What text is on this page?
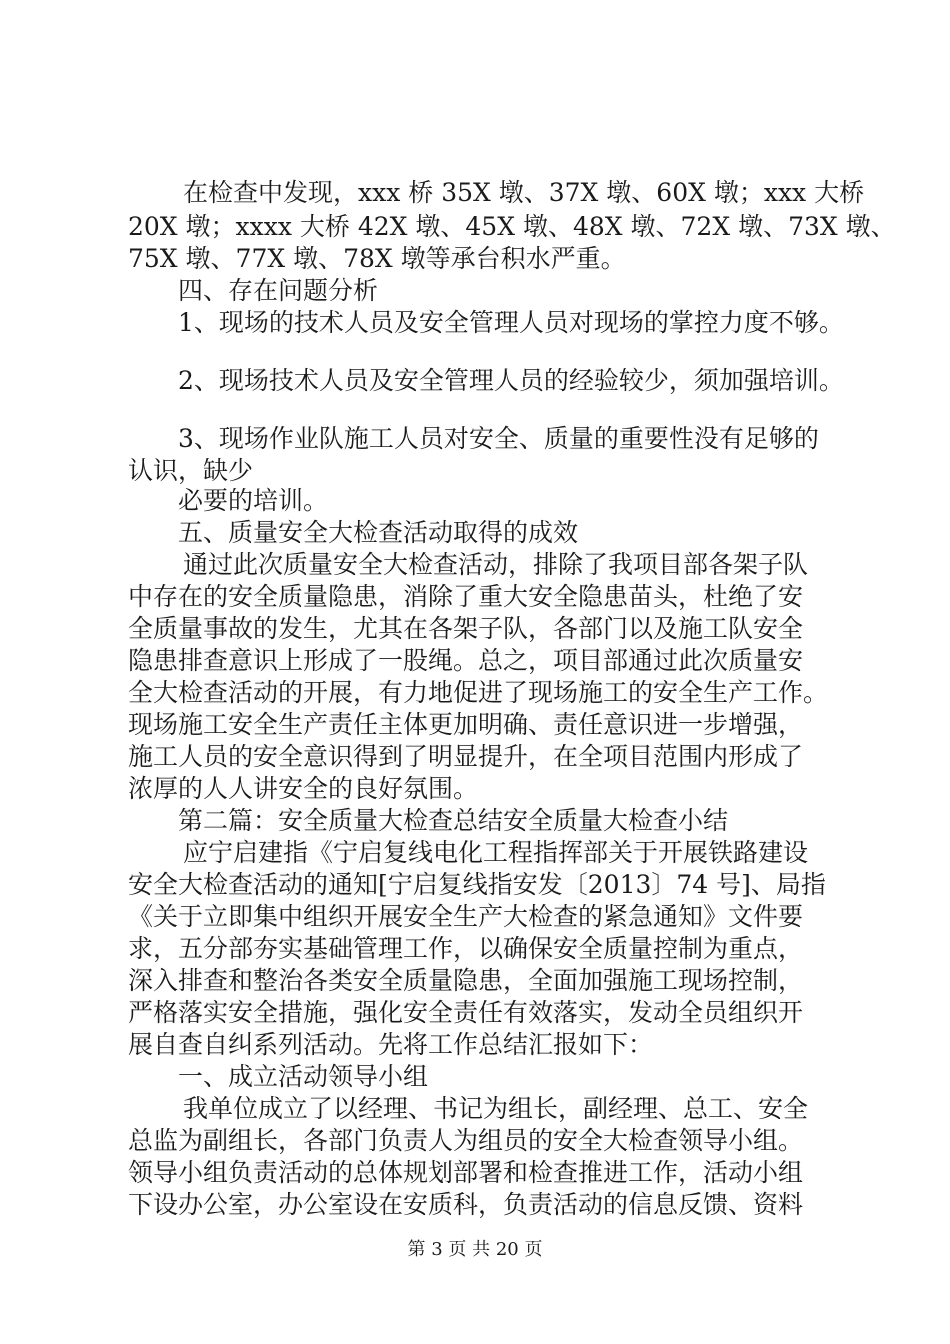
在检查中发现，xxx 桥 35X 墩、37X 墩、60X 墩；xxx 大桥
20X 墩；xxxx 大桥 42X 墩、45X 墩、48X 墩、72X 墩、73X 墩、
75X 墩、77X 墩、78X 墩等承台积水严重。
四、存在问题分析
1、现场的技术人员及安全管理人员对现场的掌控力度不够。
2、现场技术人员及安全管理人员的经验较少，须加强培训。
3、现场作业队施工人员对安全、质量的重要性没有足够的
认识，缺少
必要的培训。
五、质量安全大检查活动取得的成效
通过此次质量安全大检查活动，排除了我项目部各架子队
中存在的安全质量隐患，消除了重大安全隐患苗头，杜绝了安
全质量事故的发生，尤其在各架子队，各部门以及施工队安全
隐患排查意识上形成了一股绳。总之，项目部通过此次质量安
全大检查活动的开展，有力地促进了现场施工的安全生产工作。
现场施工安全生产责任主体更加明确、责任意识进一步增强，
施工人员的安全意识得到了明显提升，在全项目范围内形成了
浓厚的人人讲安全的良好氛围。
第二篇：安全质量大检查总结安全质量大检查小结
应宁启建指《宁启复线电化工程指挥部关于开展铁路建设
安全大检查活动的通知[宁启复线指安发〔2013〕74 号]、局指
《关于立即集中组织开展安全生产大检查的紧急通知》文件要
求，五分部夯实基础管理工作，以确保安全质量控制为重点，
深入排查和整治各类安全质量隐患，全面加强施工现场控制，
严格落实安全措施，强化安全责任有效落实，发动全员组织开
展自查自纠系列活动。先将工作总结汇报如下：
一、成立活动领导小组
我单位成立了以经理、书记为组长，副经理、总工、安全
总监为副组长，各部门负责人为组员的安全大检查领导小组。
领导小组负责活动的总体规划部署和检查推进工作，活动小组
下设办公室，办公室设在安质科，负责活动的信息反馈、资料
第 3 页 共 20 页
